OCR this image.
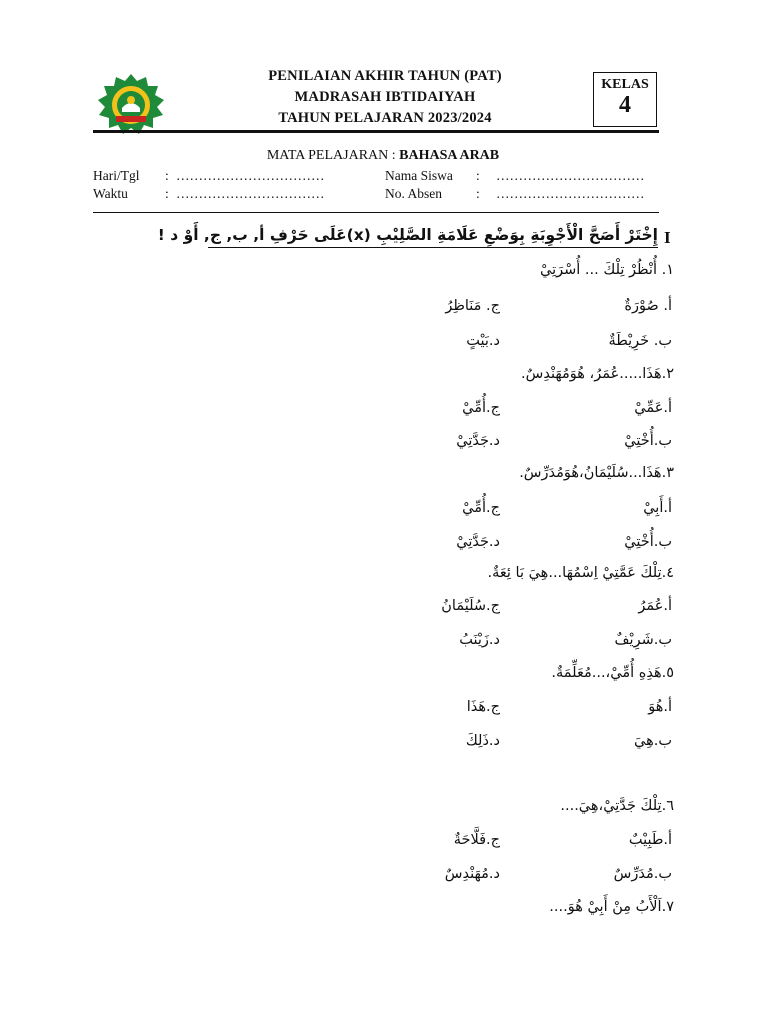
PENILAIAN AKHIR TAHUN (PAT)
MADRASAH IBTIDAIYAH
TAHUN PELAJARAN 2023/2024
KELAS
4
MATA PELAJARAN : BAHASA ARAB
Hari/Tgl : ……………………………
Waktu	: ……………………………
Nama Siswa : ……………………………
No. Absen	: ……………………………
I
إِخْتَرْ أَصَحَّ الْأَجْوِبَةِ بِوَضْعِ عَلَامَةِ الصَّلِيْبِ (x)عَلَى حَرْفِ أ, ب, ج, أَوْ د !
١. أُنْظُرْ تِلْكَ ... أُسْرَتِيْ
أ. صُوْرَةٌ
ج. مَنَاظِرُ
ب. خَرِيْطَةٌ
د.بَيْتٍ
٢.هَذَا.....عُمَرُ، هُوَمُهَنْدِسٌ.
أ.عَمِّيْ
ج.أُمِّيْ
ب.أُخْتِيْ
د.جَدَّتِيْ
٣.هَذَا...سُلَيْمَانُ،هُوَمُدَرِّسٌ.
أ.أَبِيْ
ج.أُمِّيْ
ب.أُخْتِيْ
د.جَدَّتِيْ
٤.تِلْكَ عَمَّتِيْ اِسْمُهَا...هِيَ بَا ئِعَةٌ.
أ.عُمَرُ
ج.سُلَيْمَانُ
ب.شَرِيْفٌ
د.زَيْنَبُ
٥.هَذِهِ أُمِّيْ،...مُعَلِّمَةٌ.
أ.هُوَ
ج.هَذَا
ب.هِيَ
د.ذَلِكَ
٦.تِلْكَ جَدَّتِيْ،هِيَ....
أ.طَبِيْبٌ
ج.فَلَّاحَةٌ
ب.مُدَرِّسٌ
د.مُهَنْدِسٌ
٧.اَلْأَبُ مِنْ أَبِيْ هُوَ....
